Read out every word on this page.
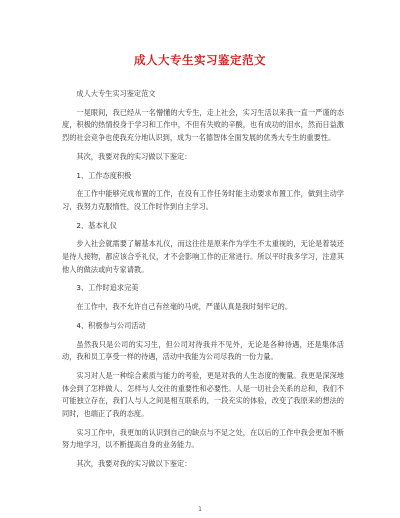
成人大专生实习鉴定范文

成人大专生实习鉴定范文

一晃眼间，我已经从一名懵懂的大专生，走上社会，实习生活以来我一直一严谨的态度，积极的热情投身于学习和工作中，不但有失败的辛酸，也有成功的泪水，然而日益激烈的社会竞争也使我充分地认识到，成为一名德智体全面发展的优秀大专生的重要性。

其次，我要对我的实习做以下鉴定：

1、工作态度积极

在工作中能够完成布置的工作，在没有工作任务时能主动要求布置工作，做到主动学习，我努力克服惰性，没工作时作到自主学习。

2、基本礼仪

步入社会就需要了解基本礼仪，而这往往是原来作为学生不太重视的，无论是着装还是待人接物，都应该合乎礼仪，才不会影响工作的正常进行。所以平时我多学习，注意其他人的做法或向专家请教。

3、工作时追求完美

在工作中，我不允许自己有丝毫的马虎，严谨认真是我时刻牢记的。

4、积极参与公司活动

虽然我只是公司的实习生，但公司对待我并不见外，无论是各种待遇，还是集体活动，我和员工享受一样的待遇，活动中我能为公司尽我的一份力量。

实习对人是一种综合素质与能力的考验，更是对我的人生态度的衡量。我更是深深地体会到了怎样做人、怎样与人交往的重要性和必要性。人是一切社会关系的总和，我们不可能独立存在，我们人与人之间是相互联系的，一段充实的体验，改变了我原来的想法的同时，也端正了我的态度。

实习工作中，我更加的认识到自己的缺点与不足之处，在以后的工作中我会更加不断努力地学习，以不断提高自身的业务能力。

其次，我要对我的实习做以下鉴定：

1
